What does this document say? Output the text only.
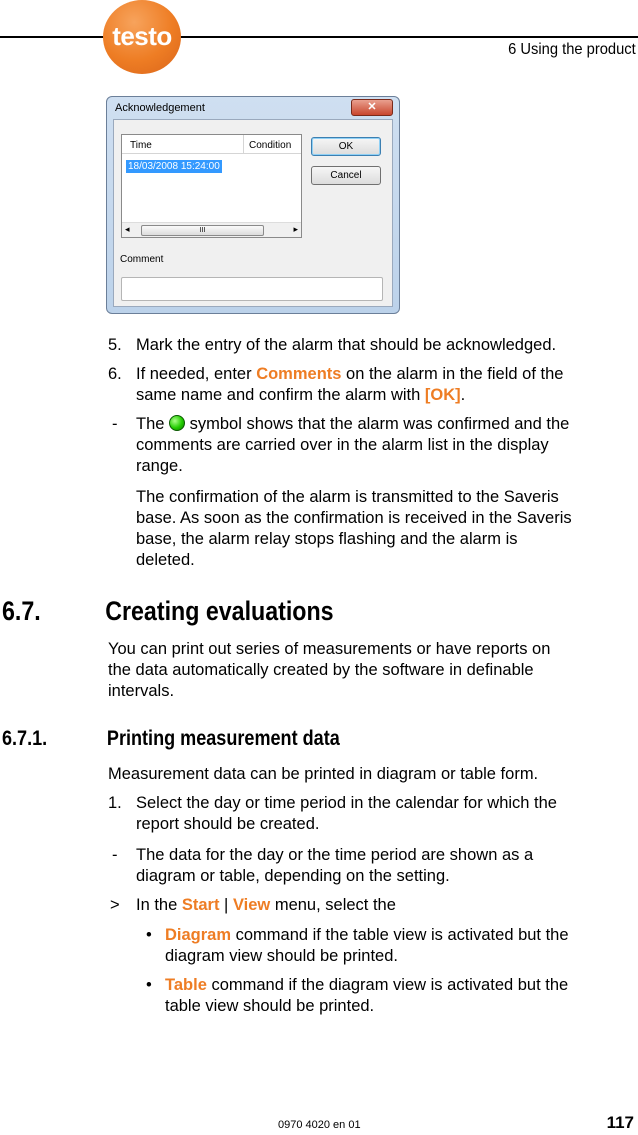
testo	6 Using the product
Acknowledgement	✕
Time	Condition
18/03/2008 15:24:00
◂	III	▸
OK
Cancel
Comment
5. Mark the entry of the alarm that should be acknowledged.
6. If needed, enter Comments on the alarm in the field of the
same name and confirm the alarm with [OK].
- The  symbol shows that the alarm was confirmed and the
comments are carried over in the alarm list in the display
range.
The confirmation of the alarm is transmitted to the Saveris
base. As soon as the confirmation is received in the Saveris
base, the alarm relay stops flashing and the alarm is
deleted.
6.7. Creating evaluations
You can print out series of measurements or have reports on
the data automatically created by the software in definable
intervals.
6.7.1.	Printing measurement data
Measurement data can be printed in diagram or table form.
1. Select the day or time period in the calendar for which the
report should be created.
- The data for the day or the time period are shown as a
diagram or table, depending on the setting.
> In the Start | View menu, select the
• Diagram command if the table view is activated but the
diagram view should be printed.
• Table command if the diagram view is activated but the
table view should be printed.
0970 4020 en 01	117
